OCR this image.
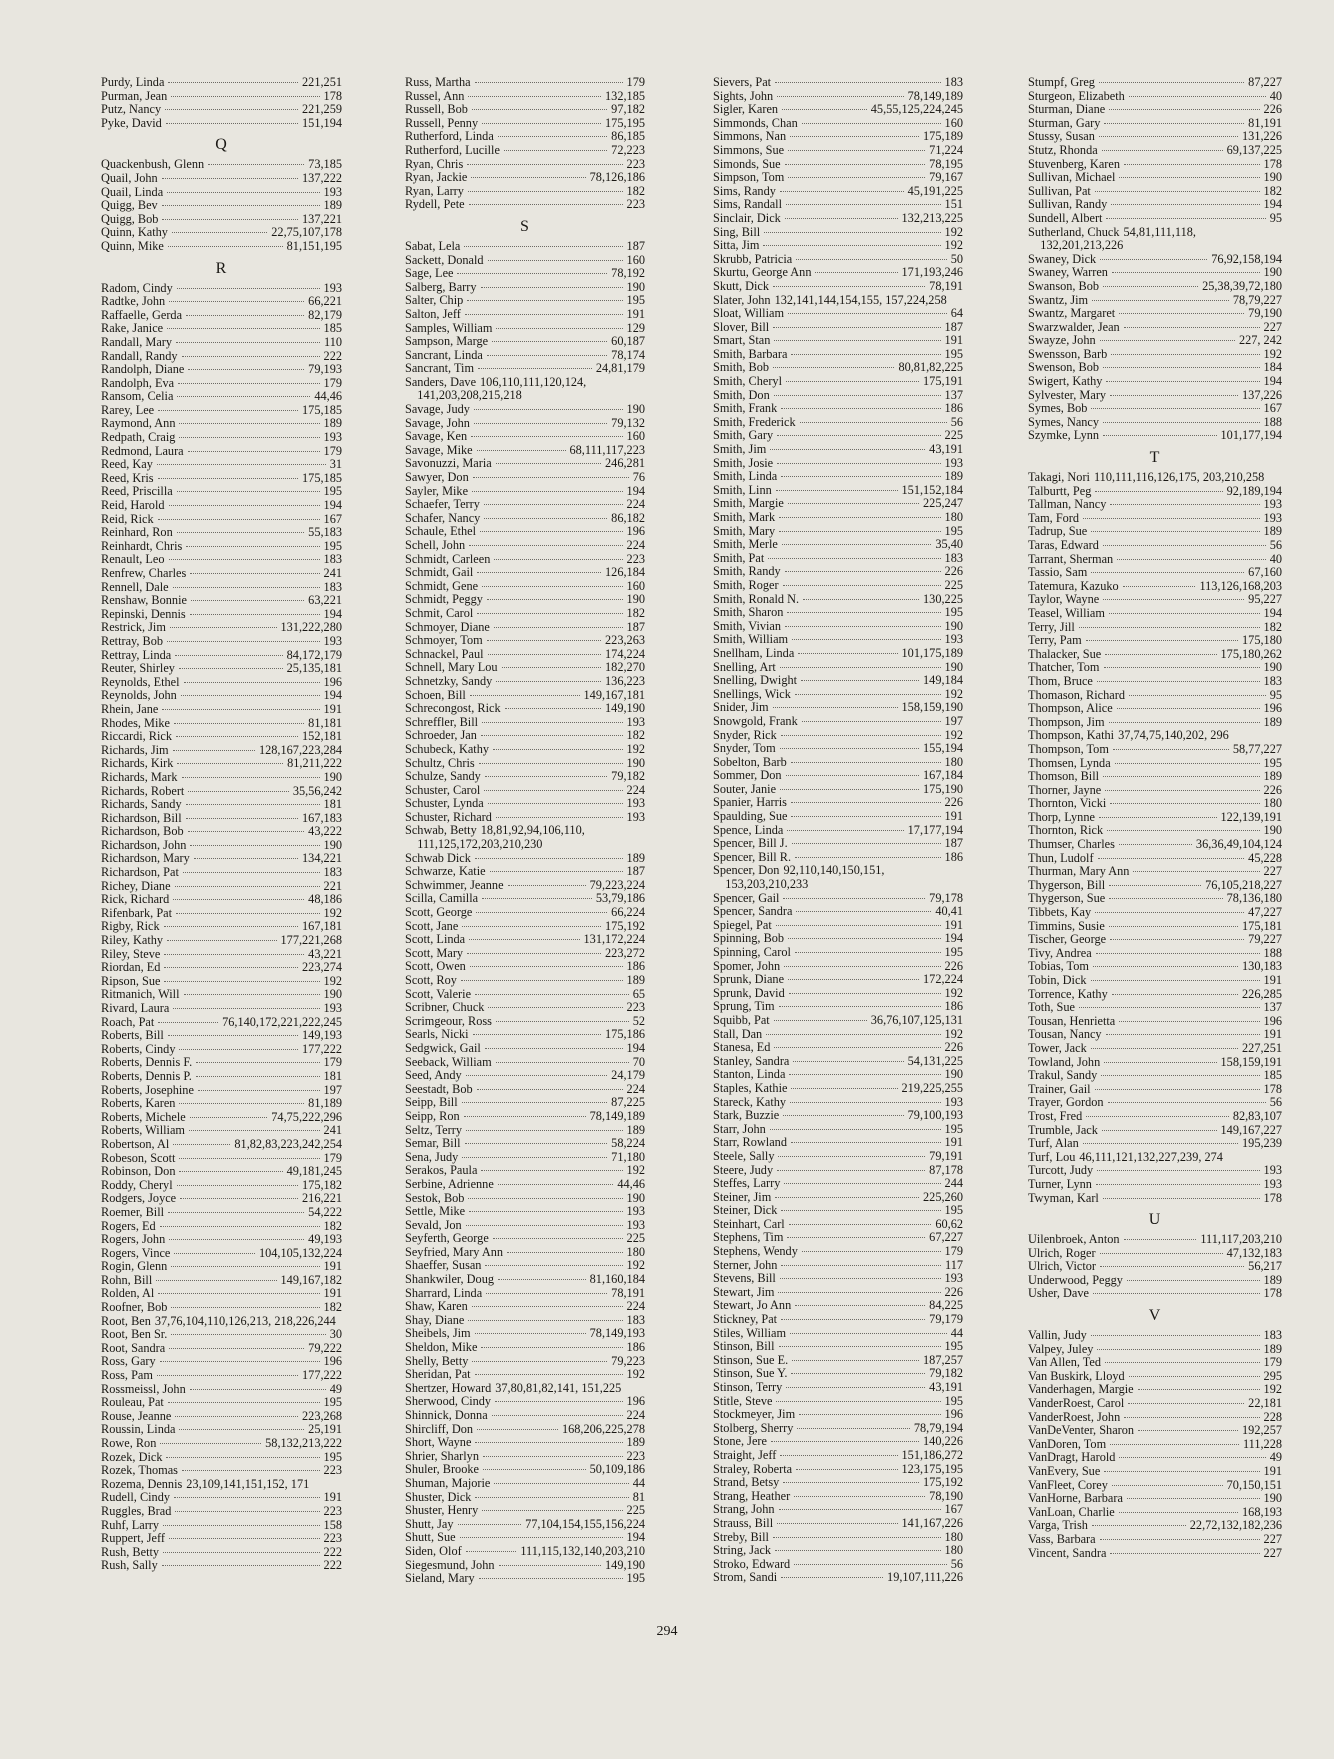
Purdy, Linda	221,251
Purman, Jean	178
Putz, Nancy	221,259
Pyke, David	151,194
Q
Quackenbush, Glenn	73,185
Quail, John	137,222
Quail, Linda	193
Quigg, Bev	189
Quigg, Bob	137,221
Quinn, Kathy	22,75,107,178
Quinn, Mike	81,151,195
R
Radom, Cindy	193
Radtke, John	66,221
Raffaelle, Gerda	82,179
Rake, Janice	185
Randall, Mary	110
Randall, Randy	222
Randolph, Diane	79,193
Randolph, Eva	179
Ransom, Celia	44,46
Rarey, Lee	175,185
Raymond, Ann	189
Redpath, Craig	193
Redmond, Laura	179
Reed, Kay	31
Reed, Kris	175,185
Reed, Priscilla	195
Reid, Harold	194
Reid, Rick	167
Reinhard, Ron	55,183
Reinhardt, Chris	195
Renault, Leo	183
Renfrew, Charles	241
Rennell, Dale	183
Renshaw, Bonnie	63,221
Repinski, Dennis	194
Restrick, Jim	131,222,280
Rettray, Bob	193
Rettray, Linda	84,172,179
Reuter, Shirley	25,135,181
Reynolds, Ethel	196
Reynolds, John	194
Rhein, Jane	191
Rhodes, Mike	81,181
Riccardi, Rick	152,181
Richards, Jim	128,167,223,284
Richards, Kirk	81,211,222
Richards, Mark	190
Richards, Robert	35,56,242
Richards, Sandy	181
Richardson, Bill	167,183
Richardson, Bob	43,222
Richardson, John	190
Richardson, Mary	134,221
Richardson, Pat	183
Richey, Diane	221
Rick, Richard	48,186
Rifenbark, Pat	192
Rigby, Rick	167,181
Riley, Kathy	177,221,268
Riley, Steve	43,221
Riordan, Ed	223,274
Ripson, Sue	192
Ritmanich, Will	190
Rivard, Laura	193
Roach, Pat	76,140,172,221,222,245
Roberts, Bill	149,193
Roberts, Cindy	177,222
Roberts, Dennis F.	179
Roberts, Dennis P.	181
Roberts, Josephine	197
Roberts, Karen	81,189
Roberts, Michele	74,75,222,296
Roberts, William	241
Robertson, Al	81,82,83,223,242,254
Robeson, Scott	179
Robinson, Don	49,181,245
Roddy, Cheryl	175,182
Rodgers, Joyce	216,221
Roemer, Bill	54,222
Rogers, Ed	182
Rogers, John	49,193
Rogers, Vince	104,105,132,224
Rogin, Glenn	191
Rohn, Bill	149,167,182
Rolden, Al	191
Roofner, Bob	182
Root, Ben 37,76,104,110,126,213, 218,226,244
Root, Ben Sr.	30
Root, Sandra	79,222
Ross, Gary	196
Ross, Pam	177,222
Rossmeissl, John	49
Rouleau, Pat	195
Rouse, Jeanne	223,268
Roussin, Linda	25,191
Rowe, Ron	58,132,213,222
Rozek, Dick	195
Rozek, Thomas	223
Rozema, Dennis 23,109,141,151,152, 171
Rudell, Cindy	191
Ruggles, Brad	223
Ruhf, Larry	158
Ruppert, Jeff	223
Rush, Betty	222
Rush, Sally	222
Russ, Martha	179
Russel, Ann	132,185
Russell, Bob	97,182
Russell, Penny	175,195
Rutherford, Linda	86,185
Rutherford, Lucille	72,223
Ryan, Chris	223
Ryan, Jackie	78,126,186
Ryan, Larry	182
Rydell, Pete	223
S
Sabat, Lela	187
Sackett, Donald	160
Sage, Lee	78,192
Salberg, Barry	190
Salter, Chip	195
Salton, Jeff	191
Samples, William	129
Sampson, Marge	60,187
Sancrant, Linda	78,174
Sancrant, Tim	24,81,179
Sanders, Dave 106,110,111,120,124, 141,203,208,215,218
Savage, Judy	190
Savage, John	79,132
Savage, Ken	160
Savage, Mike	68,111,117,223
Savonuzzi, Maria	246,281
Sawyer, Don	76
Sayler, Mike	194
Schaefer, Terry	224
Schafer, Nancy	86,182
Schaule, Ethel	196
Schell, John	224
Schmidt, Carleen	223
Schmidt, Gail	126,184
Schmidt, Gene	160
Schmidt, Peggy	190
Schmit, Carol	182
Schmoyer, Diane	187
Schmoyer, Tom	223,263
Schnackel, Paul	174,224
Schnell, Mary Lou	182,270
Schnetzky, Sandy	136,223
Schoen, Bill	149,167,181
Schrecongost, Rick	149,190
Schreffler, Bill	193
Schroeder, Jan	182
Schubeck, Kathy	192
Schultz, Chris	190
Schulze, Sandy	79,182
Schuster, Carol	224
Schuster, Lynda	193
Schuster, Richard	193
Schwab, Betty 18,81,92,94,106,110, 111,125,172,203,210,230
Schwab Dick	189
Schwarze, Katie	187
Schwimmer, Jeanne	79,223,224
Scilla, Camilla	53,79,186
Scott, George	66,224
Scott, Jane	175,192
Scott, Linda	131,172,224
Scott, Mary	223,272
Scott, Owen	186
Scott, Roy	189
Scott, Valerie	65
Scribner, Chuck	223
Scrimgeour, Ross	52
Searls, Nicki	175,186
Sedgwick, Gail	194
Seeback, William	70
Seed, Andy	24,179
Seestadt, Bob	224
Seipp, Bill	87,225
Seipp, Ron	78,149,189
Seltz, Terry	189
Semar, Bill	58,224
Sena, Judy	71,180
Serakos, Paula	192
Serbine, Adrienne	44,46
Sestok, Bob	190
Settle, Mike	193
Sevald, Jon	193
Seyferth, George	225
Seyfried, Mary Ann	180
Shaeffer, Susan	192
Shankwiler, Doug	81,160,184
Sharrard, Linda	78,191
Shaw, Karen	224
Shay, Diane	183
Sheibels, Jim	78,149,193
Sheldon, Mike	186
Shelly, Betty	79,223
Sheridan, Pat	192
Shertzer, Howard 37,80,81,82,141, 151,225
Sherwood, Cindy	196
Shinnick, Donna	224
Shircliff, Don	168,206,225,278
Short, Wayne	189
Shrier, Sharlyn	223
Shuler, Brooke	50,109,186
Shuman, Majorie	44
Shuster, Dick	81
Shuster, Henry	225
Shutt, Jay	77,104,154,155,156,224
Shutt, Sue	194
Siden, Olof	111,115,132,140,203,210
Siegesmund, John	149,190
Sieland, Mary	195
Sievers, Pat	183
Sights, John	78,149,189
Sigler, Karen	45,55,125,224,245
Simmonds, Chan	160
Simmons, Nan	175,189
Simmons, Sue	71,224
Simonds, Sue	78,195
Simpson, Tom	79,167
Sims, Randy	45,191,225
Sims, Randall	151
Sinclair, Dick	132,213,225
Sing, Bill	192
Sitta, Jim	192
Skrubb, Patricia	50
Skurtu, George Ann	171,193,246
Skutt, Dick	78,191
Slater, John 132,141,144,154,155, 157,224,258
Sloat, William	64
Slover, Bill	187
Smart, Stan	191
Smith, Barbara	195
Smith, Bob	80,81,82,225
Smith, Cheryl	175,191
Smith, Don	137
Smith, Frank	186
Smith, Frederick	56
Smith, Gary	225
Smith, Jim	43,191
Smith, Josie	193
Smith, Linda	189
Smith, Linn	151,152,184
Smith, Margie	225,247
Smith, Mark	180
Smith, Mary	195
Smith, Merle	35,40
Smith, Pat	183
Smith, Randy	226
Smith, Roger	225
Smith, Ronald N.	130,225
Smith, Sharon	195
Smith, Vivian	190
Smith, William	193
Snellham, Linda	101,175,189
Snelling, Art	190
Snelling, Dwight	149,184
Snellings, Wick	192
Snider, Jim	158,159,190
Snowgold, Frank	197
Snyder, Rick	192
Snyder, Tom	155,194
Sobelton, Barb	180
Sommer, Don	167,184
Souter, Janie	175,190
Spanier, Harris	226
Spaulding, Sue	191
Spence, Linda	17,177,194
Spencer, Bill J.	187
Spencer, Bill R.	186
Spencer, Don 92,110,140,150,151, 153,203,210,233
Spencer, Gail	79,178
Spencer, Sandra	40,41
Spiegel, Pat	191
Spinning, Bob	194
Spinning, Carol	195
Spomer, John	226
Sprunk, Diane	172,224
Sprunk, David	192
Sprung, Tim	186
Squibb, Pat	36,76,107,125,131
Stall, Dan	192
Stanesa, Ed	226
Stanley, Sandra	54,131,225
Stanton, Linda	190
Staples, Kathie	219,225,255
Stareck, Kathy	193
Stark, Buzzie	79,100,193
Starr, John	195
Starr, Rowland	191
Steele, Sally	79,191
Steere, Judy	87,178
Steffes, Larry	244
Steiner, Jim	225,260
Steiner, Dick	195
Steinhart, Carl	60,62
Stephens, Tim	67,227
Stephens, Wendy	179
Sterner, John	117
Stevens, Bill	193
Stewart, Jim	226
Stewart, Jo Ann	84,225
Stickney, Pat	79,179
Stiles, William	44
Stinson, Bill	195
Stinson, Sue E.	187,257
Stinson, Sue Y.	79,182
Stinson, Terry	43,191
Stitle, Steve	195
Stockmeyer, Jim	196
Stolberg, Sherry	78,79,194
Stone, Jere	140,226
Straight, Jeff	151,186,272
Straley, Roberta	123,175,195
Strand, Betsy	175,192
Strang, Heather	78,190
Strang, John	167
Strauss, Bill	141,167,226
Streby, Bill	180
String, Jack	180
Stroko, Edward	56
Strom, Sandi	19,107,111,226
Stumpf, Greg	87,227
Sturgeon, Elizabeth	40
Sturman, Diane	226
Sturman, Gary	81,191
Stussy, Susan	131,226
Stutz, Rhonda	69,137,225
Stuvenberg, Karen	178
Sullivan, Michael	190
Sullivan, Pat	182
Sullivan, Randy	194
Sundell, Albert	95
Sutherland, Chuck 54,81,111,118, 132,201,213,226
Swaney, Dick	76,92,158,194
Swaney, Warren	190
Swanson, Bob	25,38,39,72,180
Swantz, Jim	78,79,227
Swantz, Margaret	79,190
Swarzwalder, Jean	227
Swayze, John	227, 242
Swensson, Barb	192
Swenson, Bob	184
Swigert, Kathy	194
Sylvester, Mary	137,226
Symes, Bob	167
Symes, Nancy	188
Szymke, Lynn	101,177,194
T
Takagi, Nori 110,111,116,126,175, 203,210,258
Talburtt, Peg	92,189,194
Tallman, Nancy	193
Tam, Ford	193
Tadrup, Sue	189
Taras, Edward	56
Tarrant, Sherman	40
Tassio, Sam	67,160
Tatemura, Kazuko	113,126,168,203
Taylor, Wayne	95,227
Teasel, William	194
Terry, Jill	182
Terry, Pam	175,180
Thalacker, Sue	175,180,262
Thatcher, Tom	190
Thom, Bruce	183
Thomason, Richard	95
Thompson, Alice	196
Thompson, Jim	189
Thompson, Kathi 37,74,75,140,202, 296
Thompson, Tom	58,77,227
Thomsen, Lynda	195
Thomson, Bill	189
Thorner, Jayne	226
Thornton, Vicki	180
Thorp, Lynne	122,139,191
Thornton, Rick	190
Thumser, Charles	36,36,49,104,124
Thun, Ludolf	45,228
Thurman, Mary Ann	227
Thygerson, Bill	76,105,218,227
Thygerson, Sue	78,136,180
Tibbets, Kay	47,227
Timmins, Susie	175,181
Tischer, George	79,227
Tivy, Andrea	188
Tobias, Tom	130,183
Tobin, Dick	191
Torrence, Kathy	226,285
Toth, Sue	137
Tousan, Henrietta	196
Tousan, Nancy	191
Tower, Jack	227,251
Towland, John	158,159,191
Trakul, Sandy	185
Trainer, Gail	178
Trayer, Gordon	56
Trost, Fred	82,83,107
Trumble, Jack	149,167,227
Turf, Alan	195,239
Turf, Lou 46,111,121,132,227,239, 274
Turcott, Judy	193
Turner, Lynn	193
Twyman, Karl	178
U
Uilenbroek, Anton	111,117,203,210
Ulrich, Roger	47,132,183
Ulrich, Victor	56,217
Underwood, Peggy	189
Usher, Dave	178
V
Vallin, Judy	183
Valpey, Juley	189
Van Allen, Ted	179
Van Buskirk, Lloyd	295
Vanderhagen, Margie	192
VanderRoest, Carol	22,181
VanderRoest, John	228
VanDeVenter, Sharon	192,257
VanDoren, Tom	111,228
VanDragt, Harold	49
VanEvery, Sue	191
VanFleet, Corey	70,150,151
VanHorne, Barbara	190
VanLoan, Charlie	168,193
Varga, Trish	22,72,132,182,236
Vass, Barbara	227
Vincent, Sandra	227
294
